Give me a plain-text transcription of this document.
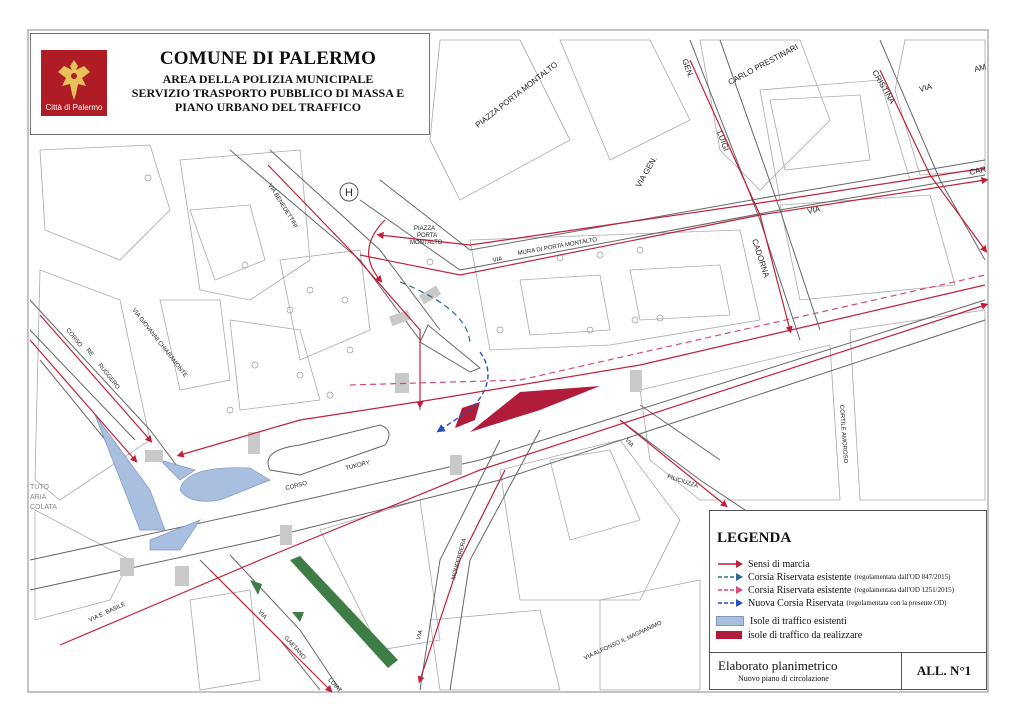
H
PIAZZA PORTA MONTALTO	CARLO PRESTINARI
CRISTINA	VIA
AM
GEN.
LUIGI
VIA GEN.
VIA
CADORNA
CAR
PIAZZA
PORTA
MONTALTO
VIA
MURA DI PORTA MONTALTO
VIA BENEDETTINI
VIA GIOVANNI CHIARAMONTE
CORSO
RE
RUGGERO
CORSO
TUKORY
VIA
FILICIUZZA
CORTILE AMOROSO
MONFERRERA
VIA E. BASILE	VIA
GAETANO
LOIAT
VIA	VIA ALFONSO IL MAGNANIMO
TUTO
ARIA
COLATA
Città di Palermo
COMUNE DI PALERMO
AREA DELLA POLIZIA MUNICIPALE
SERVIZIO TRASPORTO PUBBLICO DI MASSA E
PIANO URBANO DEL TRAFFICO
LEGENDA
Sensi di marcia
Corsia Riservata esistente (regolamentata dall'OD 847/2015)
Corsia Riservata esistente (regolamentata dall'OD 1251/2015)
Nuova Corsia Riservata (regolamentata con la presente OD)
Isole di traffico esistenti
isole di traffico da realizzare
Elaborato planimetrico
Nuovo piano di circolazione
ALL. N°1
